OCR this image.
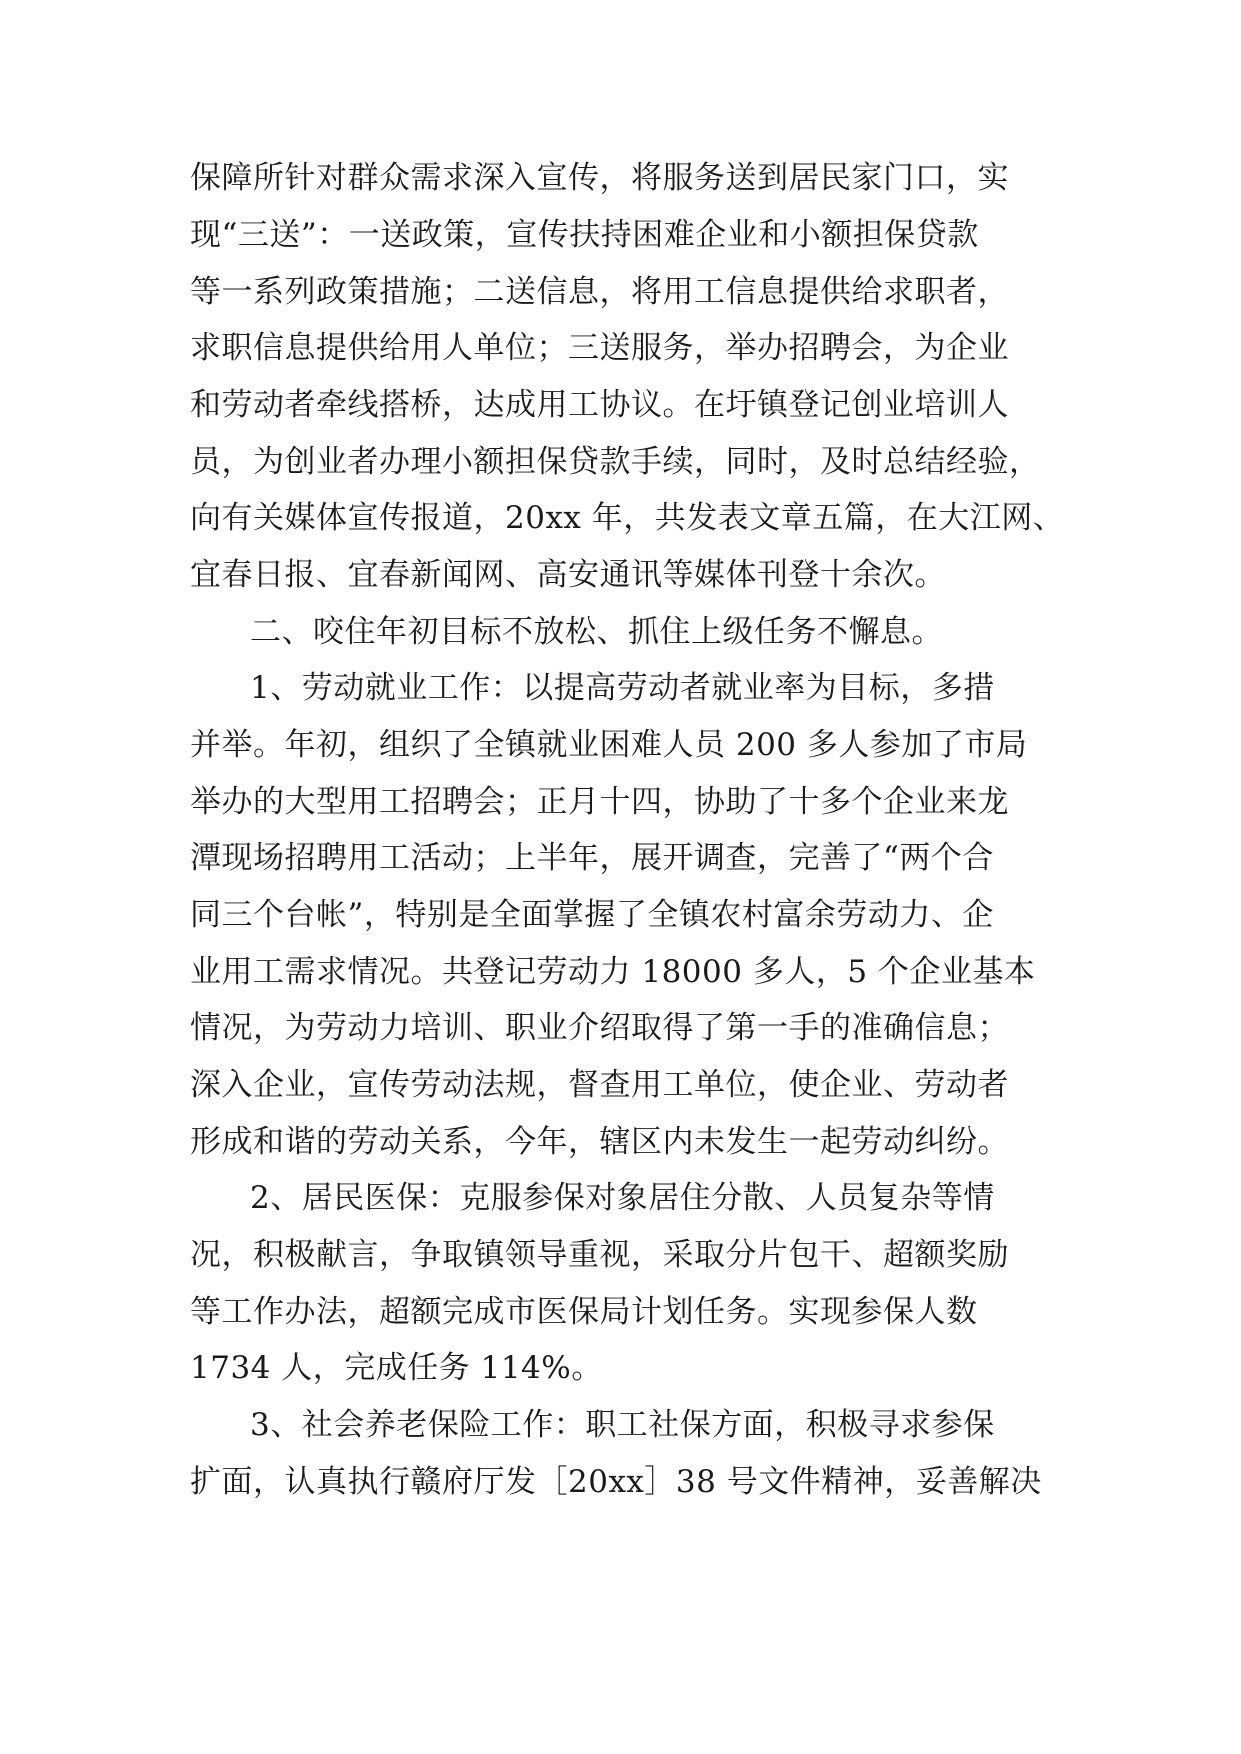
保障所针对群众需求深入宣传，将服务送到居民家门口，实
现“三送”：一送政策，宣传扶持困难企业和小额担保贷款
等一系列政策措施；二送信息，将用工信息提供给求职者，
求职信息提供给用人单位；三送服务，举办招聘会，为企业
和劳动者牵线搭桥，达成用工协议。在圩镇登记创业培训人
员，为创业者办理小额担保贷款手续，同时，及时总结经验，
向有关媒体宣传报道，20xx 年，共发表文章五篇，在大江网、
宜春日报、宜春新闻网、高安通讯等媒体刊登十余次。
二、咬住年初目标不放松、抓住上级任务不懈息。
1、劳动就业工作：以提高劳动者就业率为目标，多措
并举。年初，组织了全镇就业困难人员 200 多人参加了市局
举办的大型用工招聘会；正月十四，协助了十多个企业来龙
潭现场招聘用工活动；上半年，展开调查，完善了“两个合
同三个台帐”，特别是全面掌握了全镇农村富余劳动力、企
业用工需求情况。共登记劳动力 18000 多人，5 个企业基本
情况，为劳动力培训、职业介绍取得了第一手的准确信息；
深入企业，宣传劳动法规，督查用工单位，使企业、劳动者
形成和谐的劳动关系，今年，辖区内未发生一起劳动纠纷。
2、居民医保：克服参保对象居住分散、人员复杂等情
况，积极献言，争取镇领导重视，采取分片包干、超额奖励
等工作办法，超额完成市医保局计划任务。实现参保人数
1734 人，完成任务 114%。
3、社会养老保险工作：职工社保方面，积极寻求参保
扩面，认真执行赣府厅发［20xx］38 号文件精神，妥善解决
